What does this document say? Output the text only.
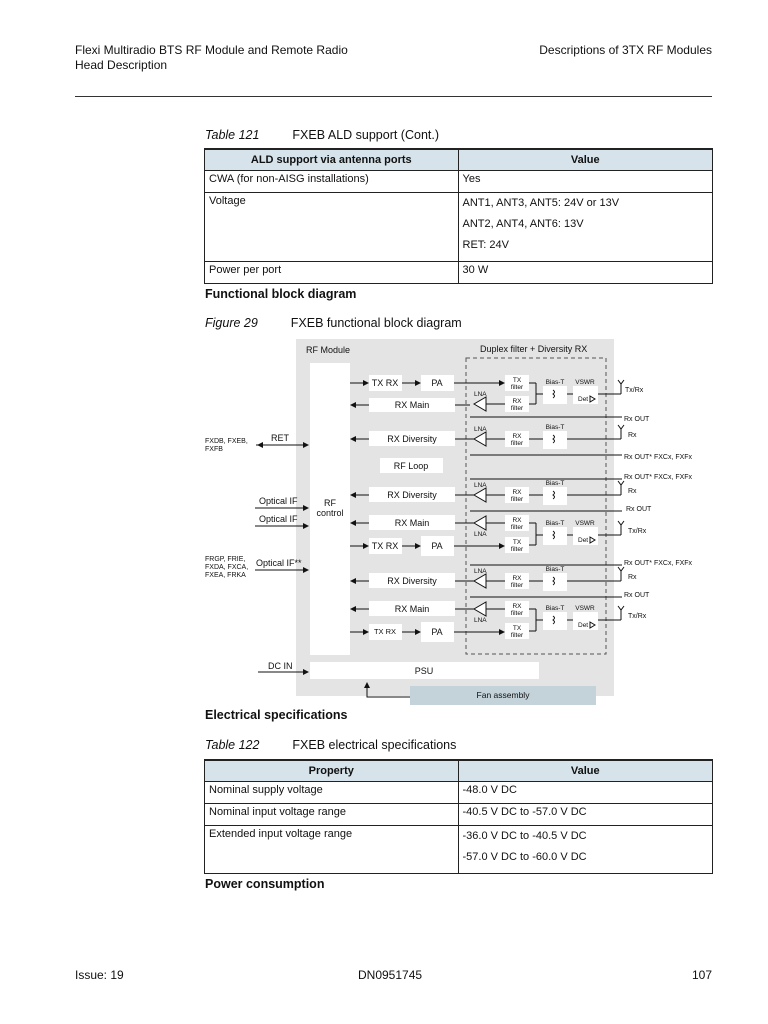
Flexi Multiradio BTS RF Module and Remote Radio
Head Description
Descriptions of 3TX RF Modules
Table 121	FXEB ALD support (Cont.)
ALD support via antenna ports	Value
CWA (for non-AISG installations)	Yes
Voltage	ANT1, ANT3, ANT5: 24V or 13V
ANT2, ANT4, ANT6: 13V
RET: 24V

Power per port	30 W
Functional block diagram
Figure 29	FXEB functional block diagram
RF Module	Duplex filter + Diversity RX
RF
control
TX RX	PA
RX Main
TX
filter
RX
filter
LNA
Bias-T VSWR
Det
Tx/Rx
Rx OUT
RX Diversity
LNA
RX
filter
Bias-T
Rx
Rx OUT* FXCx, FXFx
RF Loop
Rx OUT* FXCx, FXFx
RX Diversity
LNA
RX
filter
Bias-T
Rx
Rx OUT
RX Main
LNA
RX
filter
TX RX	PA	TX
filter
Bias-T VSWR
Det
Tx/Rx
Rx OUT* FXCx, FXFx
RX Diversity
LNA
RX
filter
Bias-T
Rx
Rx OUT
RX Main
LNA
RX
filter
TX RX	PA	TX
filter
Bias-T VSWR
Det
Tx/Rx
PSU
Fan assembly
FXDB, FXEB,
FXFB
RET
Optical IF
Optical IF
FRGP, FRIE,
FXDA, FXCA,
FXEA, FRKA
Optical IF**
DC IN
Electrical specifications
Table 122	FXEB electrical specifications
Property	Value
Nominal supply voltage	-48.0 V DC
Nominal input voltage range	-40.5 V DC to -57.0 V DC
Extended input voltage range	-36.0 V DC to -40.5 V DC
-57.0 V DC to -60.0 V DC
Power consumption
Issue: 19	DN0951745	107
